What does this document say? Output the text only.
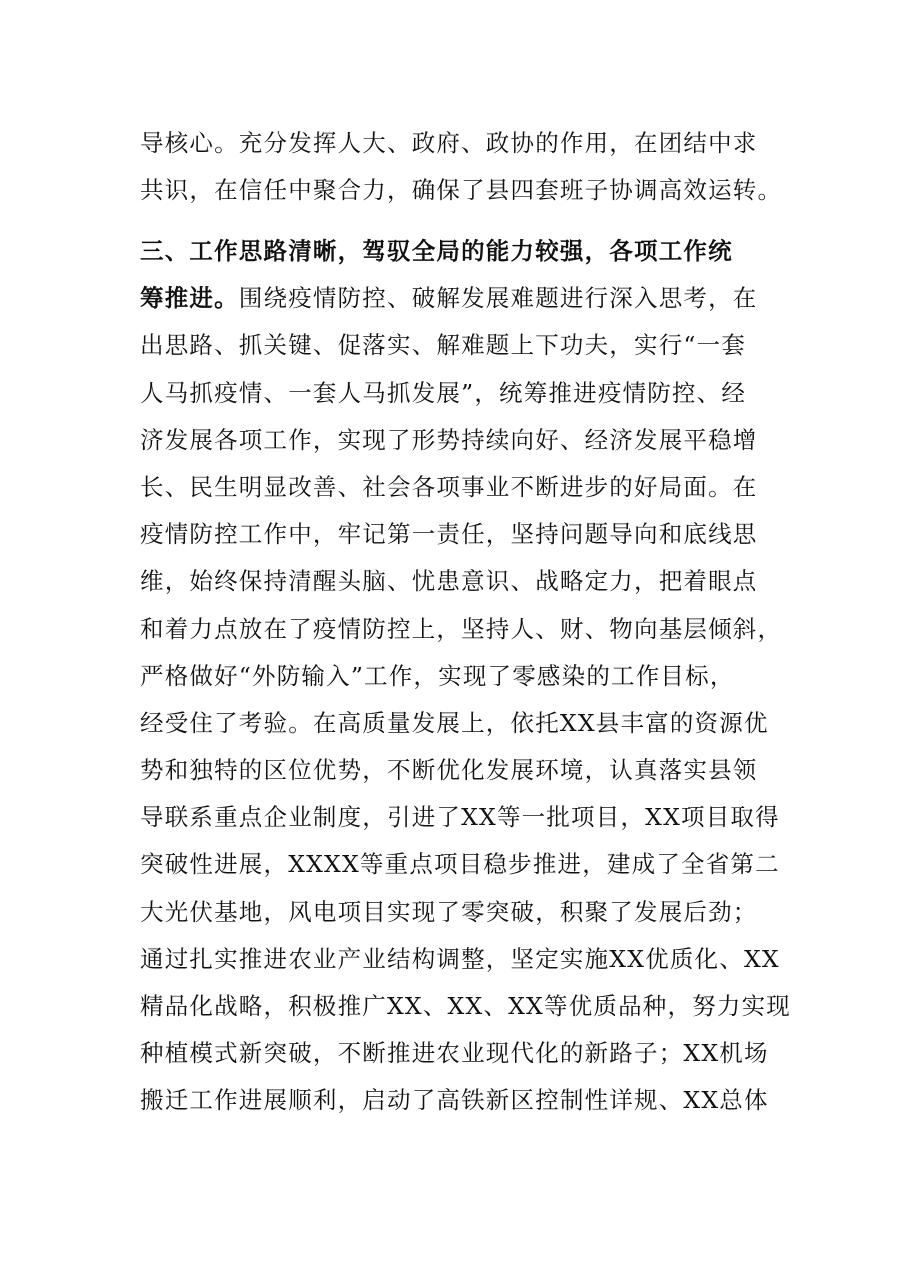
导核心。充分发挥人大、政府、政协的作用，在团结中求
共识，在信任中聚合力，确保了县四套班子协调高效运转。
三、工作思路清晰，驾驭全局的能力较强，各项工作统
筹推进。围绕疫情防控、破解发展难题进行深入思考，在
出思路、抓关键、促落实、解难题上下功夫，实行“一套
人马抓疫情、一套人马抓发展”，统筹推进疫情防控、经
济发展各项工作，实现了形势持续向好、经济发展平稳增
长、民生明显改善、社会各项事业不断进步的好局面。在
疫情防控工作中，牢记第一责任，坚持问题导向和底线思
维，始终保持清醒头脑、忧患意识、战略定力，把着眼点
和着力点放在了疫情防控上，坚持人、财、物向基层倾斜，
严格做好“外防输入”工作，实现了零感染的工作目标，
经受住了考验。在高质量发展上，依托XX县丰富的资源优
势和独特的区位优势，不断优化发展环境，认真落实县领
导联系重点企业制度，引进了XX等一批项目，XX项目取得
突破性进展，XXXX等重点项目稳步推进，建成了全省第二
大光伏基地，风电项目实现了零突破，积聚了发展后劲；
通过扎实推进农业产业结构调整，坚定实施XX优质化、XX
精品化战略，积极推广XX、XX、XX等优质品种，努力实现
种植模式新突破，不断推进农业现代化的新路子；XX机场
搬迁工作进展顺利，启动了高铁新区控制性详规、XX总体
